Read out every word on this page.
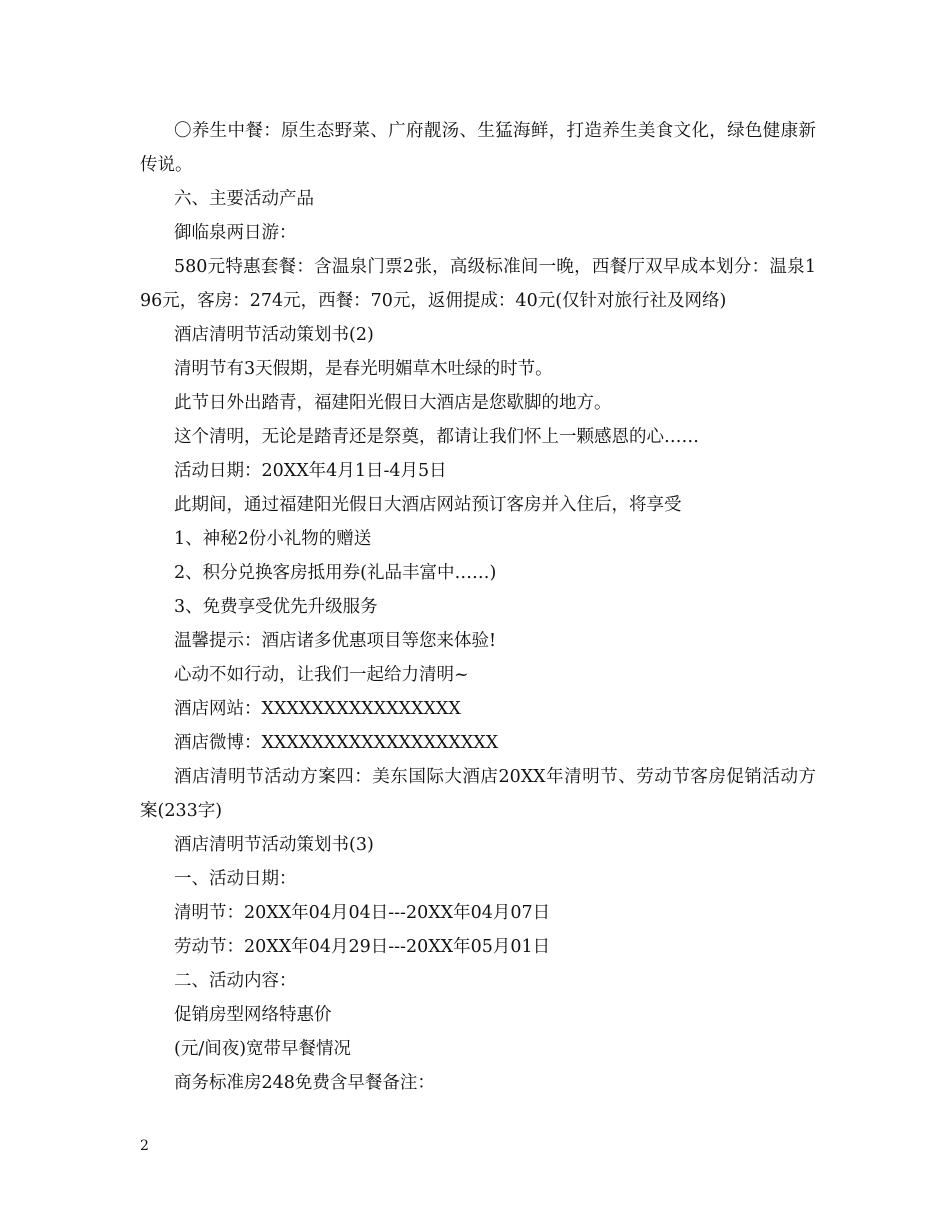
〇养生中餐：原生态野菜、广府靓汤、生猛海鲜，打造养生美食文化，绿色健康新传说。

六、主要活动产品

御临泉两日游：

580元特惠套餐：含温泉门票2张，高级标准间一晚，西餐厅双早成本划分：温泉196元，客房：274元，西餐：70元，返佣提成：40元(仅针对旅行社及网络)

酒店清明节活动策划书(2)

清明节有3天假期，是春光明媚草木吐绿的时节。

此节日外出踏青，福建阳光假日大酒店是您歇脚的地方。

这个清明，无论是踏青还是祭奠，都请让我们怀上一颗感恩的心……

活动日期：20XX年4月1日-4月5日

此期间，通过福建阳光假日大酒店网站预订客房并入住后，将享受

1、神秘2份小礼物的赠送

2、积分兑换客房抵用券(礼品丰富中……)

3、免费享受优先升级服务

温馨提示：酒店诸多优惠项目等您来体验!

心动不如行动，让我们一起给力清明~

酒店网站：XXXXXXXXXXXXXXXX

酒店微博：XXXXXXXXXXXXXXXXXXX

酒店清明节活动方案四：美东国际大酒店20XX年清明节、劳动节客房促销活动方案(233字)

酒店清明节活动策划书(3)

一、活动日期：

清明节：20XX年04月04日---20XX年04月07日

劳动节：20XX年04月29日---20XX年05月01日

二、活动内容：

促销房型网络特惠价

(元/间夜)宽带早餐情况

商务标准房248免费含早餐备注：

2
